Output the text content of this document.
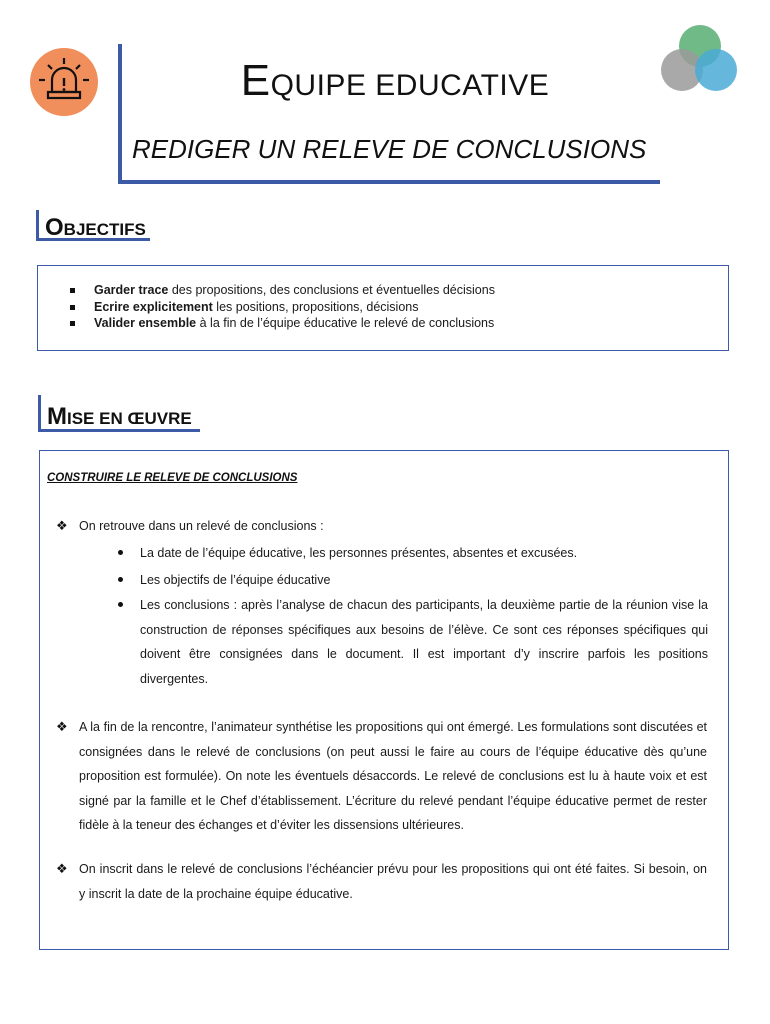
EQUIPE EDUCATIVE
REDIGER UN RELEVE DE CONCLUSIONS
OBJECTIFS
Garder trace des propositions, des conclusions et éventuelles décisions
Ecrire explicitement les positions, propositions, décisions
Valider ensemble à la fin de l’équipe éducative le relevé de conclusions
MISE EN ŒUVRE
CONSTRUIRE LE RELEVE DE CONCLUSIONS
❖ On retrouve dans un relevé de conclusions :
La date de l’équipe éducative, les personnes présentes, absentes et excusées.
Les objectifs de l’équipe éducative
Les conclusions : après l’analyse de chacun des participants, la deuxième partie de la réunion vise la construction de réponses spécifiques aux besoins de l’élève. Ce sont ces réponses spécifiques qui doivent être consignées dans le document. Il est important d’y inscrire parfois les positions divergentes.
❖ A la fin de la rencontre, l’animateur synthétise les propositions qui ont émergé. Les formulations sont discutées et consignées dans le relevé de conclusions (on peut aussi le faire au cours de l’équipe éducative dès qu’une proposition est formulée). On note les éventuels désaccords. Le relevé de conclusions est lu à haute voix et est signé par la famille et le Chef d’établissement. L’écriture du relevé pendant l’équipe éducative permet de rester fidèle à la teneur des échanges et d’éviter les dissensions ultérieures.
❖ On inscrit dans le relevé de conclusions l’échéancier prévu pour les propositions qui ont été faites. Si besoin, on y inscrit la date de la prochaine équipe éducative.
